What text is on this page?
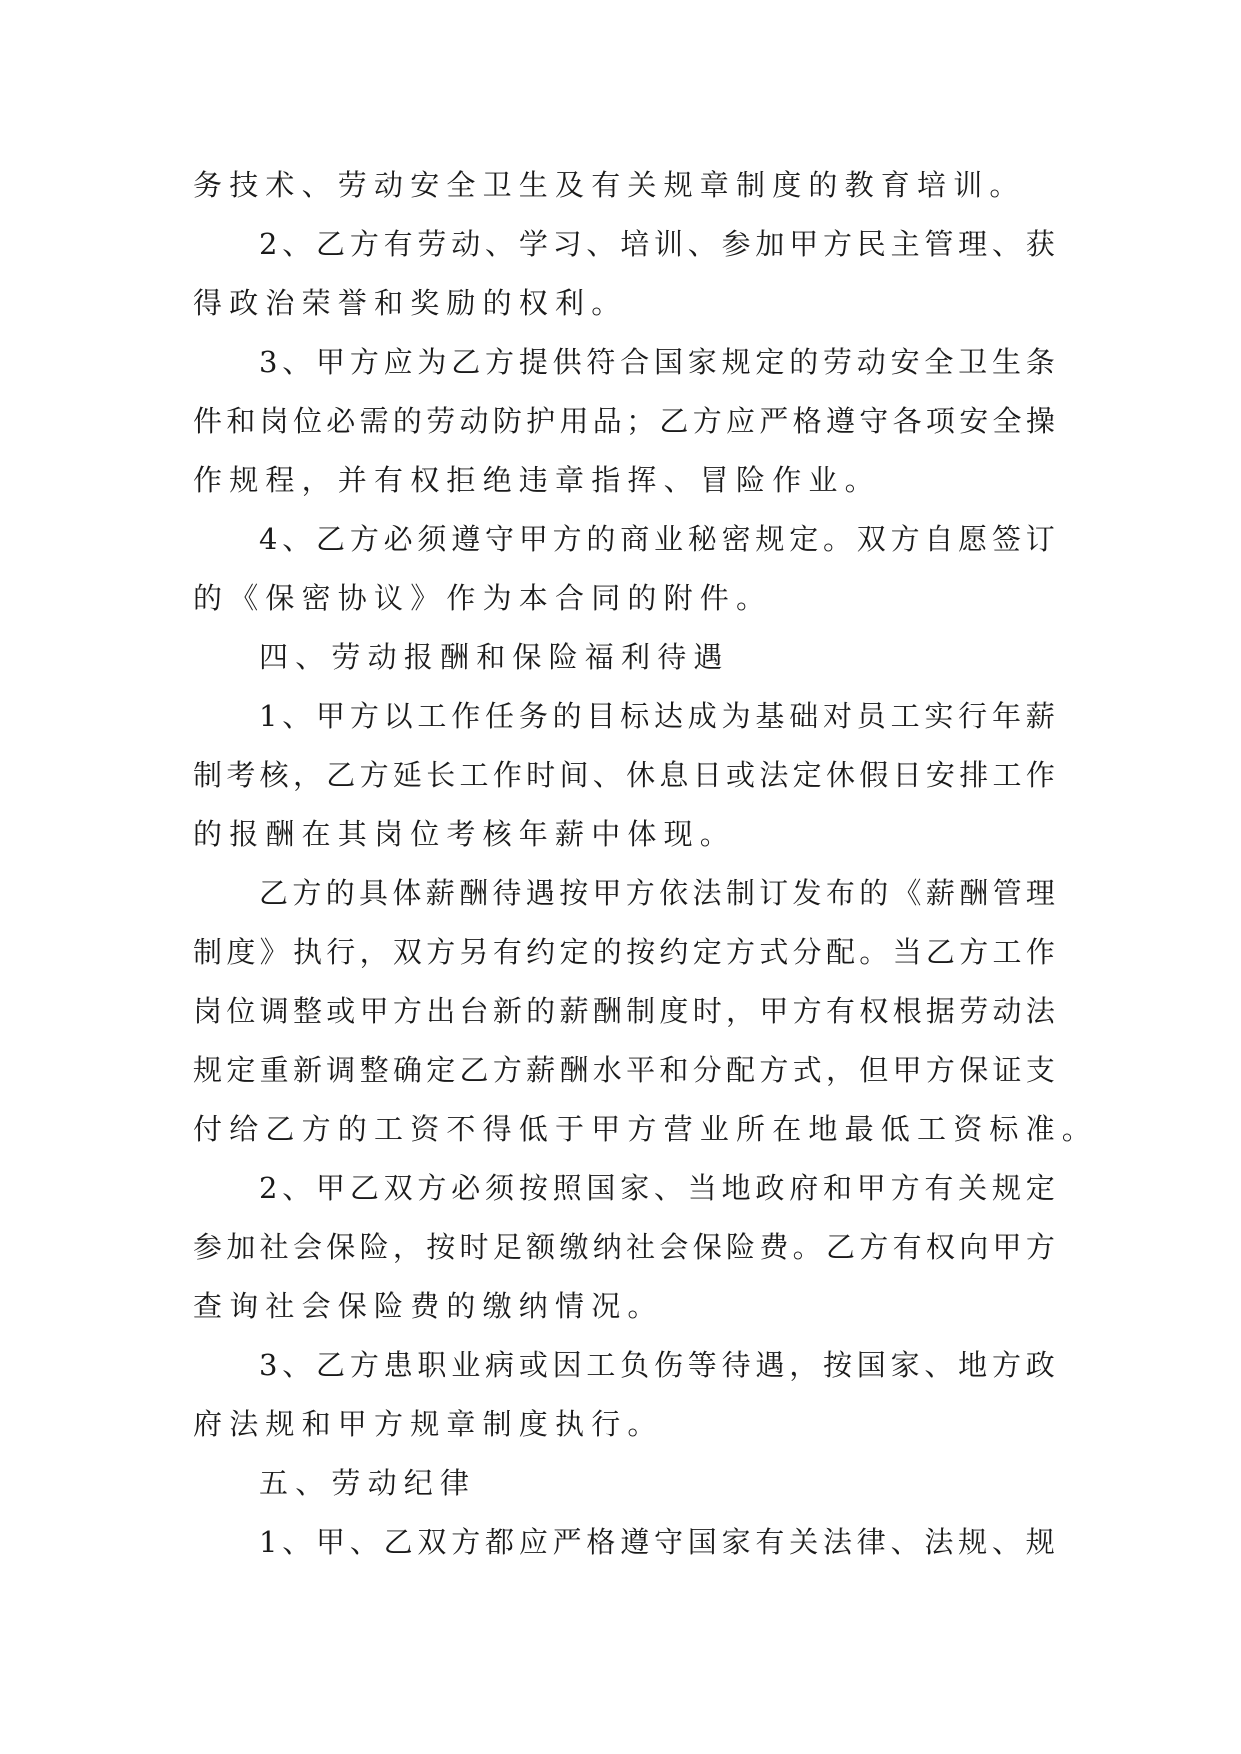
务技术、劳动安全卫生及有关规章制度的教育培训。
2 、 乙 方 有 劳 动 、 学 习 、 培 训 、 参 加 甲 方 民 主 管 理 、 获
得政治荣誉和奖励的权利。
3 、 甲 方 应 为 乙 方 提 供 符 合 国 家 规 定 的 劳 动 安 全 卫 生 条
件 和 岗 位 必 需 的 劳 动 防 护 用 品 ； 乙 方 应 严 格 遵 守 各 项 安 全 操
作规程，并有权拒绝违章指挥、冒险作业。
4 、 乙 方 必 须 遵 守 甲 方 的 商 业 秘 密 规 定 。 双 方 自 愿 签 订
的《保密协议》作为本合同的附件。
四、劳动报酬和保险福利待遇
1 、 甲 方 以 工 作 任 务 的 目 标 达 成 为 基 础 对 员 工 实 行 年 薪
制 考 核 ， 乙 方 延 长 工 作 时 间 、 休 息 日 或 法 定 休 假 日 安 排 工 作
的报酬在其岗位考核年薪中体现。
乙 方 的 具 体 薪 酬 待 遇 按 甲 方 依 法 制 订 发 布 的 《 薪 酬 管 理
制 度 》 执 行 ， 双 方 另 有 约 定 的 按 约 定 方 式 分 配 。 当 乙 方 工 作
岗 位 调 整 或 甲 方 出 台 新 的 薪 酬 制 度 时 ， 甲 方 有 权 根 据 劳 动 法
规 定 重 新 调 整 确 定 乙 方 薪 酬 水 平 和 分 配 方 式 ， 但 甲 方 保 证 支
付给乙方的工资不得低于甲方营业所在地最低工资标准。
2 、 甲 乙 双 方 必 须 按 照 国 家 、 当 地 政 府 和 甲 方 有 关 规 定
参 加 社 会 保 险 ， 按 时 足 额 缴 纳 社 会 保 险 费 。 乙 方 有 权 向 甲 方
查询社会保险费的缴纳情况。
3 、 乙 方 患 职 业 病 或 因 工 负 伤 等 待 遇 ， 按 国 家 、 地 方 政
府法规和甲方规章制度执行。
五、劳动纪律
1 、 甲 、 乙 双 方 都 应 严 格 遵 守 国 家 有 关 法 律 、 法 规 、 规
